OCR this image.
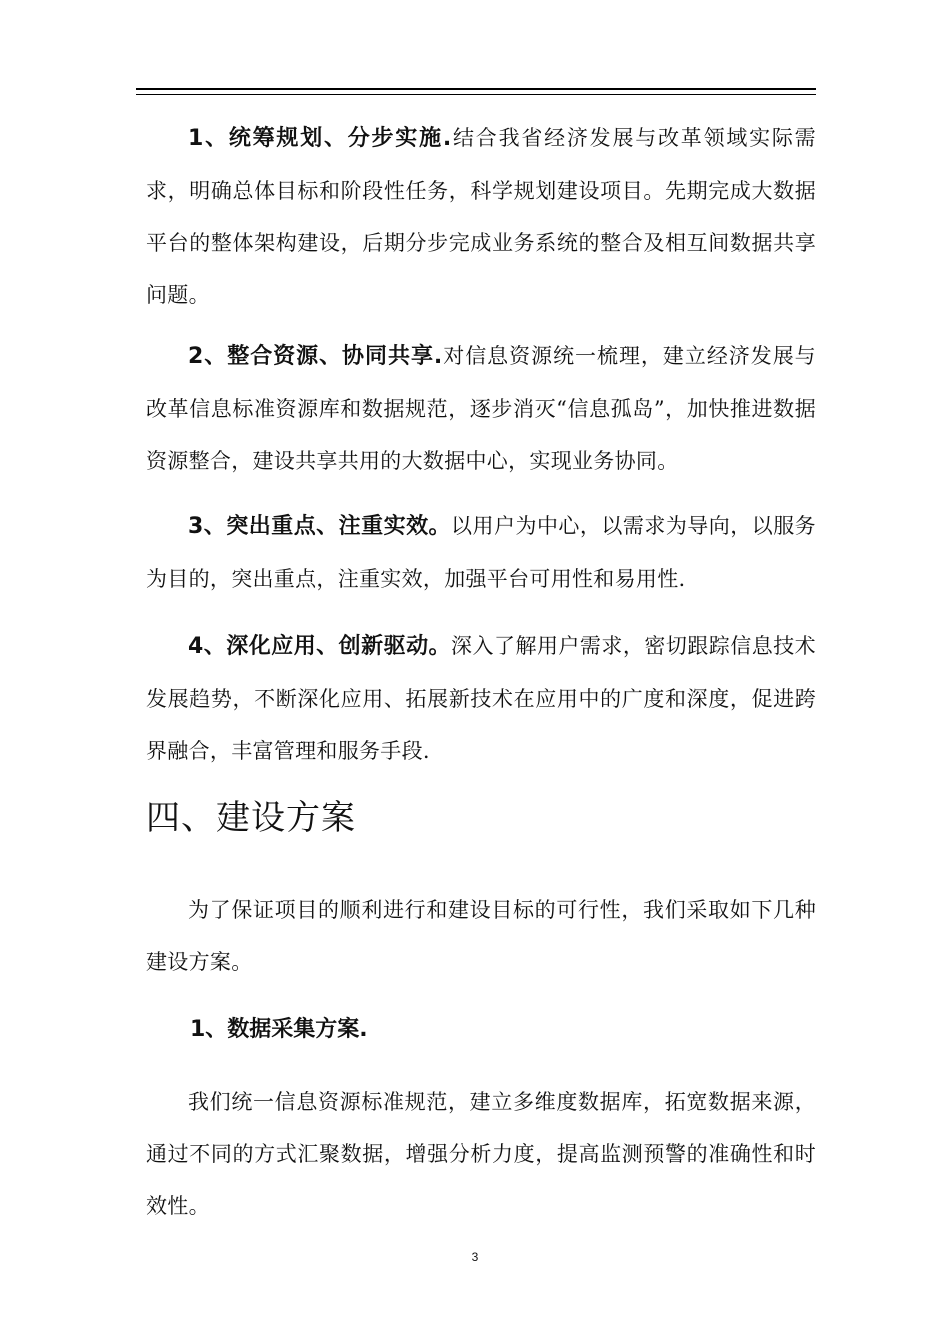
1、统筹规划、分步实施.结合我省经济发展与改革领域实际需求，明确总体目标和阶段性任务，科学规划建设项目。先期完成大数据平台的整体架构建设，后期分步完成业务系统的整合及相互间数据共享问题。

2、整合资源、协同共享.对信息资源统一梳理，建立经济发展与改革信息标准资源库和数据规范，逐步消灭“信息孤岛”，加快推进数据资源整合，建设共享共用的大数据中心，实现业务协同。

3、突出重点、注重实效。以用户为中心，以需求为导向，以服务为目的，突出重点，注重实效，加强平台可用性和易用性.

4、深化应用、创新驱动。深入了解用户需求，密切跟踪信息技术发展趋势，不断深化应用、拓展新技术在应用中的广度和深度，促进跨界融合，丰富管理和服务手段.

四、建设方案

为了保证项目的顺利进行和建设目标的可行性，我们采取如下几种建设方案。

1、数据采集方案.

我们统一信息资源标准规范，建立多维度数据库，拓宽数据来源，通过不同的方式汇聚数据，增强分析力度，提高监测预警的准确性和时效性。

3
